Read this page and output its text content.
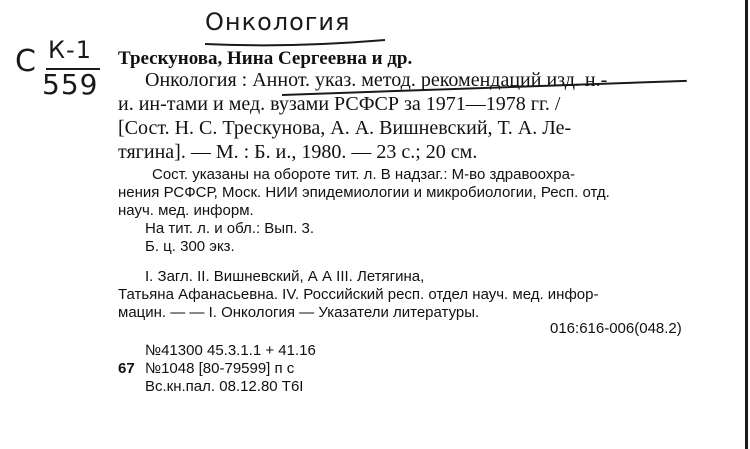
Онкология
С К-1
559
Трескунова, Нина Сергеевна и др.
Онкология : Аннот. указ. метод. рекомендаций изд. н.-
и. ин-тами и мед. вузами РСФСР за 1971—1978 гг. /
[Сост. Н. С. Трескунова, А. А. Вишневский, Т. А. Ле-
тягина]. — М. : Б. и., 1980. — 23 с.; 20 см.
Сост. указаны на обороте тит. л. В надзаг.: М-во здравоохра-
нения РСФСР, Моск. НИИ эпидемиологии и микробиологии, Респ. отд.
науч. мед. информ.
На тит. л. и обл.: Вып. 3.
Б. ц. 300 экз.
I. Загл. II. Вишневский, А А III. Летягина,
Татьяна Афанасьевна. IV. Российский респ. отдел науч. мед. инфор-
мацин. — — I. Онкология — Указатели литературы.
016:616-006(048.2)
№41300 45.3.1.1 + 41.16
67 №1048 [80-79599] п с
Вс.кн.пал. 08.12.80 Т6І
